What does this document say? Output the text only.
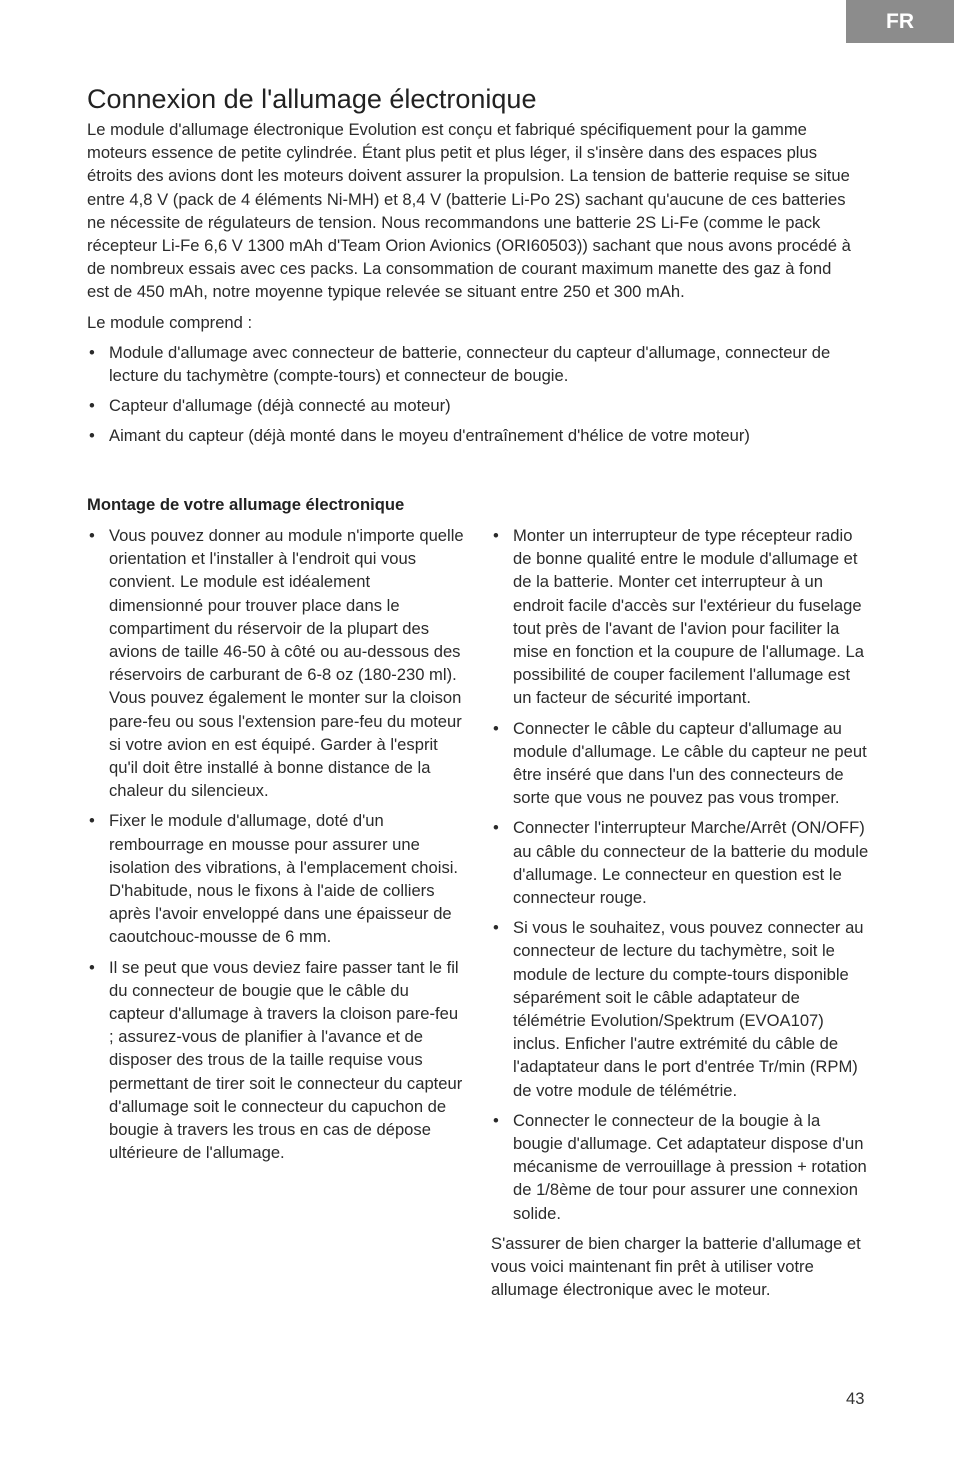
FR
Connexion de l'allumage électronique

Le module d'allumage électronique Evolution est conçu et fabriqué spécifiquement pour la gamme moteurs essence de petite cylindrée. Étant plus petit et plus léger, il s'insère dans des espaces plus étroits des avions dont les moteurs doivent assurer la propulsion. La tension de batterie requise se situe entre 4,8 V (pack de 4 éléments Ni-MH) et 8,4 V (batterie Li-Po 2S) sachant qu'aucune de ces batteries ne nécessite de régulateurs de tension. Nous recommandons une batterie 2S Li-Fe (comme le pack récepteur Li-Fe 6,6 V 1300 mAh d'Team Orion Avionics (ORI60503)) sachant que nous avons procédé à de nombreux essais avec ces packs. La consommation de courant maximum manette des gaz à fond est de 450 mAh, notre moyenne typique relevée se situant entre 250 et 300 mAh.

Le module comprend :

• Module d'allumage avec connecteur de batterie, connecteur du capteur d'allumage, connecteur de lecture du tachymètre (compte-tours) et connecteur de bougie.
• Capteur d'allumage (déjà connecté au moteur)
• Aimant du capteur (déjà monté dans le moyeu d'entraînement d'hélice de votre moteur)
Montage de votre allumage électronique
• Vous pouvez donner au module n'importe quelle orientation et l'installer à l'endroit qui vous convient. Le module est idéalement dimensionné pour trouver place dans le compartiment du réservoir de la plupart des avions de taille 46-50 à côté ou au-dessous des réservoirs de carburant de 6-8 oz (180-230 ml). Vous pouvez également le monter sur la cloison pare-feu ou sous l'extension pare-feu du moteur si votre avion en est équipé. Garder à l'esprit qu'il doit être installé à bonne distance de la chaleur du silencieux.
• Fixer le module d'allumage, doté d'un rembourrage en mousse pour assurer une isolation des vibrations, à l'emplacement choisi. D'habitude, nous le fixons à l'aide de colliers après l'avoir enveloppé dans une épaisseur de caoutchouc-mousse de 6 mm.
• Il se peut que vous deviez faire passer tant le fil du connecteur de bougie que le câble du capteur d'allumage à travers la cloison pare-feu ; assurez-vous de planifier à l'avance et de disposer des trous de la taille requise vous permettant de tirer soit le connecteur du capteur d'allumage soit le connecteur du capuchon de bougie à travers les trous en cas de dépose ultérieure de l'allumage.
• Monter un interrupteur de type récepteur radio de bonne qualité entre le module d'allumage et de la batterie. Monter cet interrupteur à un endroit facile d'accès sur l'extérieur du fuselage tout près de l'avant de l'avion pour faciliter la mise en fonction et la coupure de l'allumage. La possibilité de couper facilement l'allumage est un facteur de sécurité important.
• Connecter le câble du capteur d'allumage au module d'allumage. Le câble du capteur ne peut être inséré que dans l'un des connecteurs de sorte que vous ne pouvez pas vous tromper.
• Connecter l'interrupteur Marche/Arrêt (ON/OFF) au câble du connecteur de la batterie du module d'allumage. Le connecteur en question est le connecteur rouge.
• Si vous le souhaitez, vous pouvez connecter au connecteur de lecture du tachymètre, soit le module de lecture du compte-tours disponible séparément soit le câble adaptateur de télémétrie Evolution/Spektrum (EVOA107) inclus. Enficher l'autre extrémité du câble de l'adaptateur dans le port d'entrée Tr/min (RPM) de votre module de télémétrie.
• Connecter le connecteur de la bougie à la bougie d'allumage. Cet adaptateur dispose d'un mécanisme de verrouillage à pression + rotation de 1/8ème de tour pour assurer une connexion solide.

S'assurer de bien charger la batterie d'allumage et vous voici maintenant fin prêt à utiliser votre allumage électronique avec le moteur.

43
